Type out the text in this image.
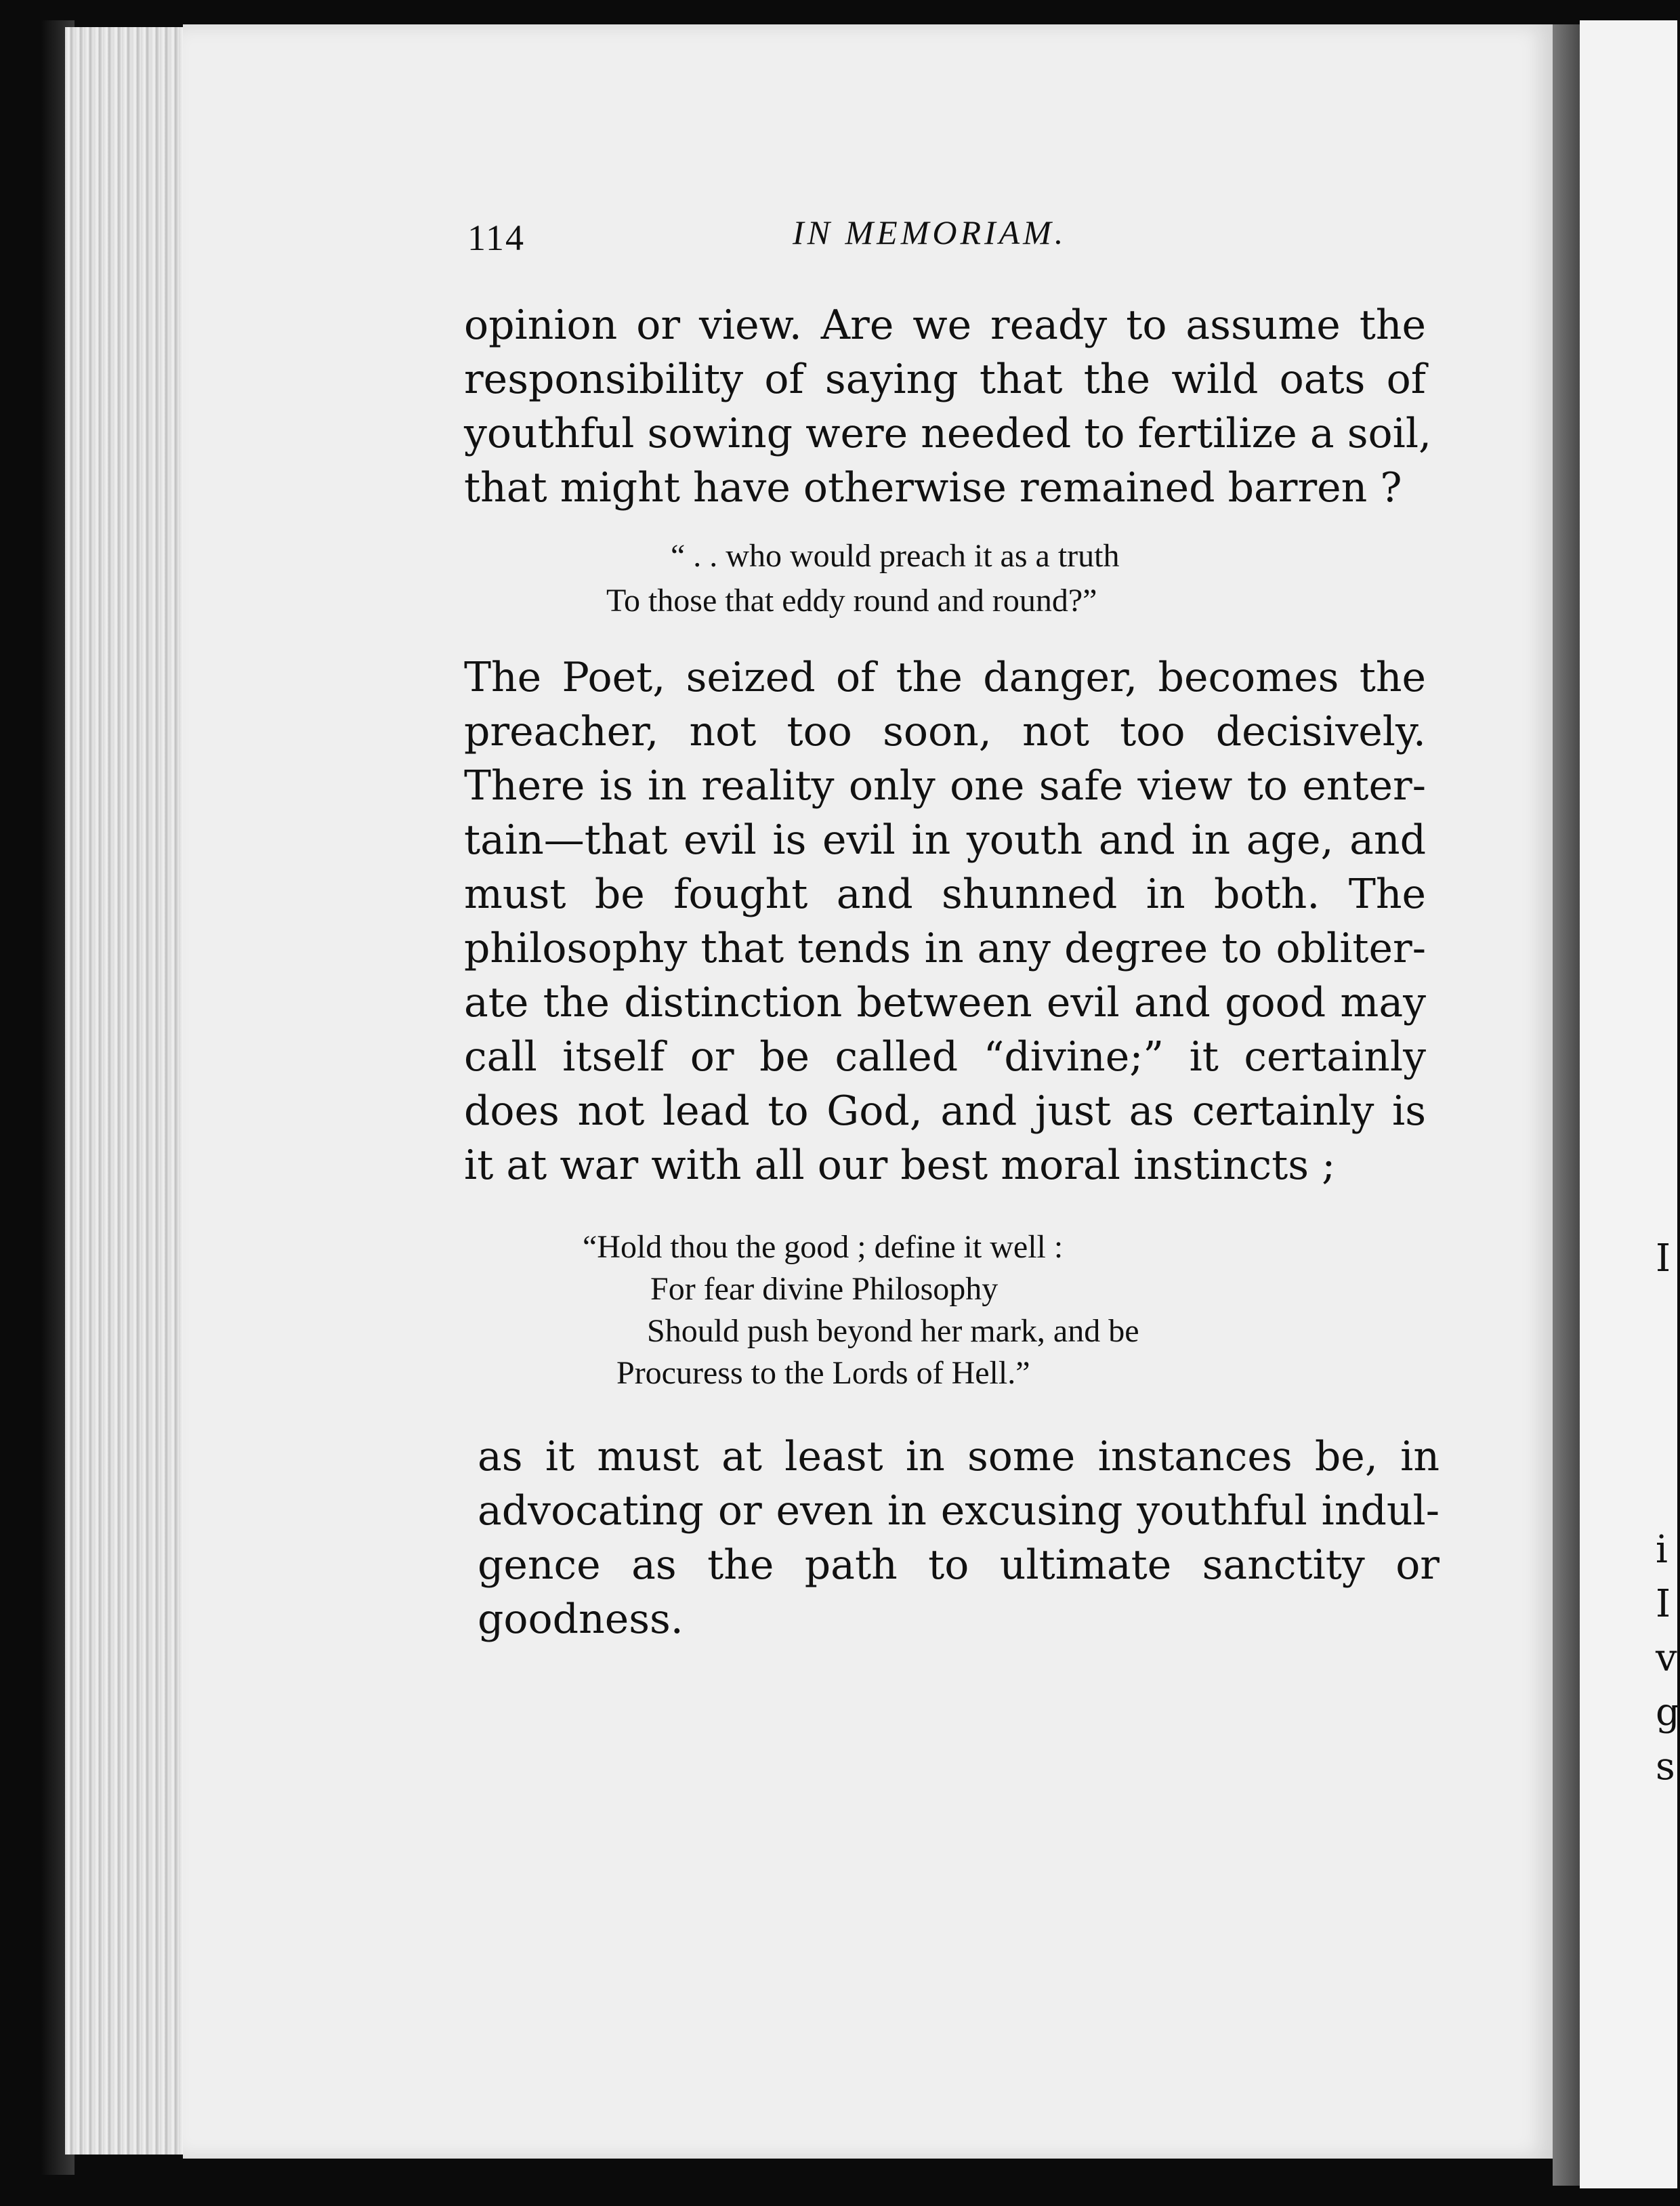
114	IN MEMORIAM.
opinion or view. Are we ready to assume the
responsibility of saying that the wild oats of
youthful sowing were needed to fertilize a soil,
that might have otherwise remained barren ?
“ . . who would preach it as a truth
To those that eddy round and round?”
The Poet, seized of the danger, becomes the
preacher, not too soon, not too decisively.
There is in reality only one safe view to enter-
tain—that evil is evil in youth and in age, and
must be fought and shunned in both. The
philosophy that tends in any degree to obliter-
ate the distinction between evil and good may
call itself or be called “divine;” it certainly
does not lead to God, and just as certainly is
it at war with all our best moral instincts ;
“Hold thou the good ; define it well :
For fear divine Philosophy
Should push beyond her mark, and be
Procuress to the Lords of Hell.”
as it must at least in some instances be, in
advocating or even in excusing youthful indul-
gence as the path to ultimate sanctity or
goodness.
I
i
I
v
g
s
